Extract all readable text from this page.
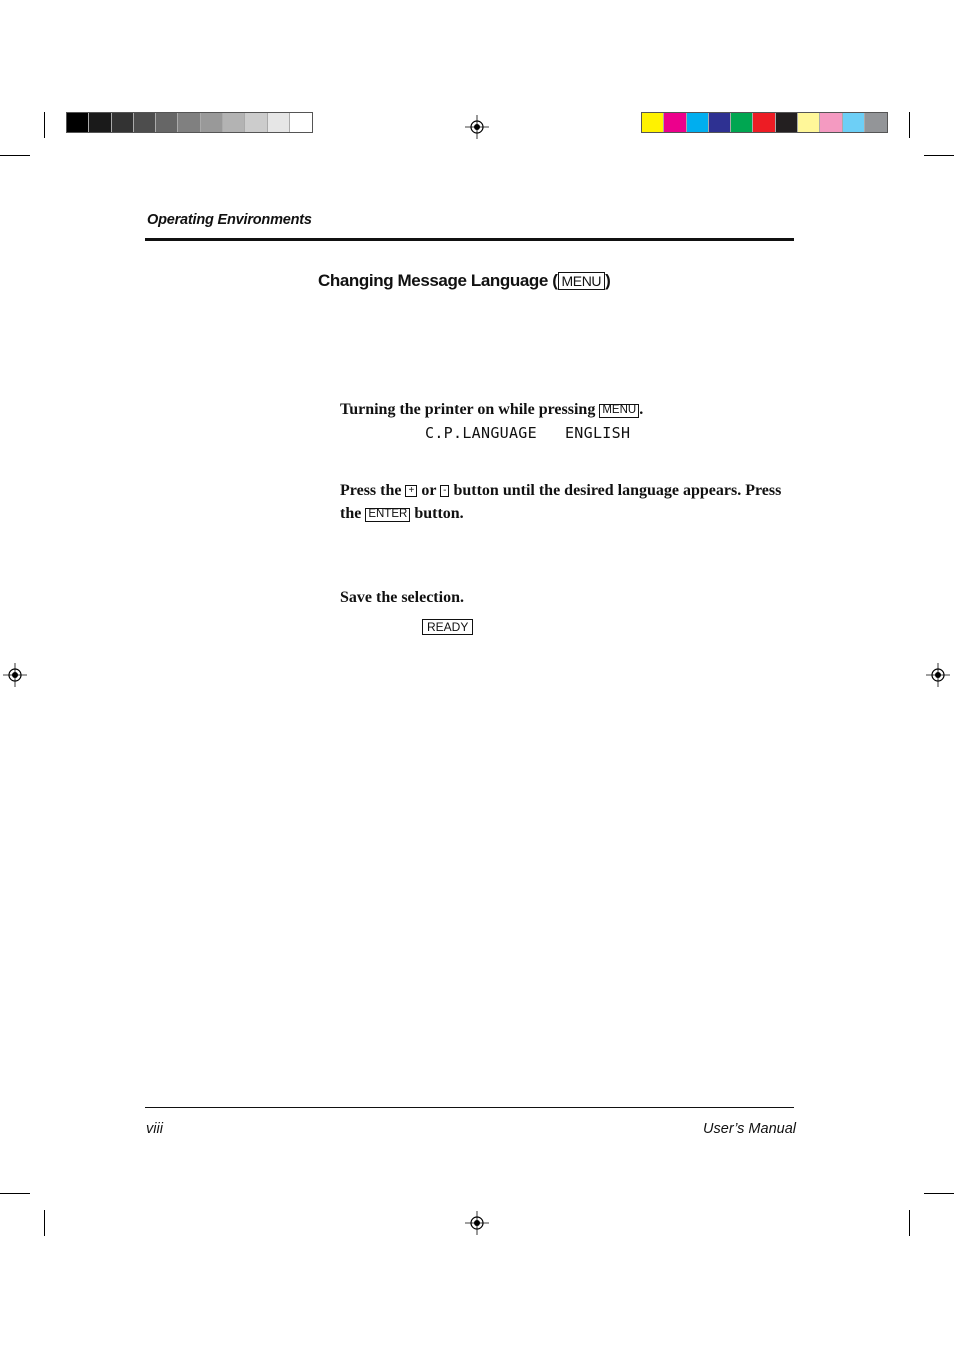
Operating Environments
Changing Message Language ( MENU )
Turning the printer on while pressing MENU .
C.P.LANGUAGE   ENGLISH
Press the + or - button until the desired language appears. Press the ENTER button.
Save the selection.
READY
viii	User’s Manual
